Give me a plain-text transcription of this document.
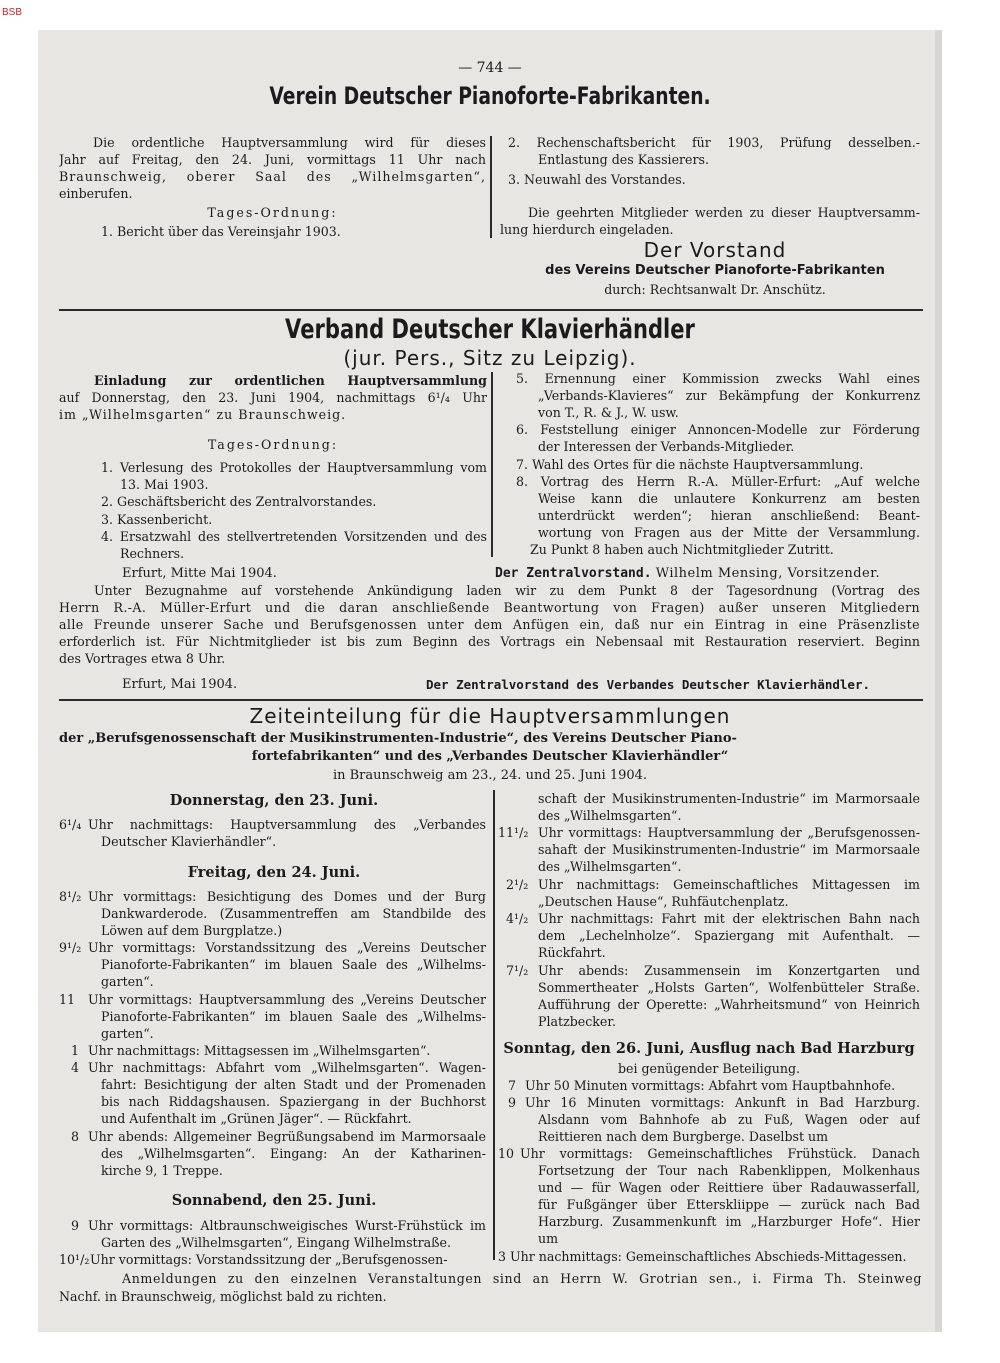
BSB
— 744 —
Verein Deutscher Pianoforte-Fabrikanten.
Die ordentliche Hauptversammlung wird für dieses
Jahr auf Freitag, den 24. Juni, vormittags 11 Uhr nach
Braunschweig, oberer Saal des „Wilhelmsgarten“,
einberufen.
Tages-Ordnung:
1. Bericht über das Vereinsjahr 1903.
2. Rechenschaftsbericht für 1903, Prüfung desselben.-
Entlastung des Kassierers.
3. Neuwahl des Vorstandes.
Die geehrten Mitglieder werden zu dieser Hauptversamm-
lung hierdurch eingeladen.
Der Vorstand
des Vereins Deutscher Pianoforte-Fabrikanten
durch: Rechtsanwalt Dr. Anschütz.
Verband Deutscher Klavierhändler
(jur. Pers., Sitz zu Leipzig).
Einladung zur ordentlichen Hauptversammlung
auf Donnerstag, den 23. Juni 1904, nachmittags 6¹/₄ Uhr
im „Wilhelmsgarten“ zu Braunschweig.
Tages-Ordnung:
1. Verlesung des Protokolles der Hauptversammlung vom
13. Mai 1903.
2. Geschäftsbericht des Zentralvorstandes.
3. Kassenbericht.
4. Ersatzwahl des stellvertretenden Vorsitzenden und des
Rechners.
5. Ernennung einer Kommission zwecks Wahl eines
„Verbands-Klavieres“ zur Bekämpfung der Konkurrenz
von T., R. & J., W. usw.
6. Feststellung einiger Annoncen-Modelle zur Förderung
der Interessen der Verbands-Mitglieder.
7. Wahl des Ortes für die nächste Hauptversammlung.
8. Vortrag des Herrn R.-A. Müller-Erfurt: „Auf welche
Weise kann die unlautere Konkurrenz am besten
unterdrückt werden“; hieran anschließend: Beant-
wortung von Fragen aus der Mitte der Versammlung.
Zu Punkt 8 haben auch Nichtmitglieder Zutritt.
Erfurt, Mitte Mai 1904.	Der Zentralvorstand. Wilhelm Mensing, Vorsitzender.
Unter Bezugnahme auf vorstehende Ankündigung laden wir zu dem Punkt 8 der Tagesordnung (Vortrag des
Herrn R.-A. Müller-Erfurt und die daran anschließende Beantwortung von Fragen) außer unseren Mitgliedern
alle Freunde unserer Sache und Berufsgenossen unter dem Anfügen ein, daß nur ein Eintrag in eine Präsenzliste
erforderlich ist. Für Nichtmitglieder ist bis zum Beginn des Vortrags ein Nebensaal mit Restauration reserviert. Beginn
des Vortrages etwa 8 Uhr.
Erfurt, Mai 1904.	Der Zentralvorstand des Verbandes Deutscher Klavierhändler.
Zeiteinteilung für die Hauptversammlungen
der „Berufsgenossenschaft der Musikinstrumenten-Industrie“, des Vereins Deutscher Piano-
fortefabrikanten“ und des „Verbandes Deutscher Klavierhändler“
in Braunschweig am 23., 24. und 25. Juni 1904.
Donnerstag, den 23. Juni.
6¹/₄ Uhr nachmittags: Hauptversammlung des „Verbandes
Deutscher Klavierhändler“.
Freitag, den 24. Juni.
8¹/₂ Uhr vormittags: Besichtigung des Domes und der Burg
Dankwarderode. (Zusammentreffen am Standbilde des
Löwen auf dem Burgplatze.)
9¹/₂ Uhr vormittags: Vorstandssitzung des „Vereins Deutscher
Pianoforte-Fabrikanten“ im blauen Saale des „Wilhelms-
garten“.
11 Uhr vormittags: Hauptversammlung des „Vereins Deutscher
Pianoforte-Fabrikanten“ im blauen Saale des „Wilhelms-
garten“.
1 Uhr nachmittags: Mittagsessen im „Wilhelmsgarten“.
4 Uhr nachmittags: Abfahrt vom „Wilhelmsgarten“. Wagen-
fahrt: Besichtigung der alten Stadt und der Promenaden
bis nach Riddagshausen. Spaziergang in der Buchhorst
und Aufenthalt im „Grünen Jäger“. — Rückfahrt.
8 Uhr abends: Allgemeiner Begrüßungsabend im Marmorsaale
des „Wilhelmsgarten“. Eingang: An der Katharinen-
kirche 9, 1 Treppe.
Sonnabend, den 25. Juni.
9 Uhr vormittags: Altbraunschweigisches Wurst-Frühstück im
Garten des „Wilhelmsgarten“, Eingang Wilhelmstraße.
10¹/₂ Uhr vormittags: Vorstandssitzung der „Berufsgenossen-
schaft der Musikinstrumenten-Industrie“ im Marmorsaale
des „Wilhelmsgarten“.
11¹/₂ Uhr vormittags: Hauptversammlung der „Berufsgenossen-
sahaft der Musikinstrumenten-Industrie“ im Marmorsaale
des „Wilhelmsgarten“.
2¹/₂ Uhr nachmittags: Gemeinschaftliches Mittagessen im
„Deutschen Hause“, Ruhfäutchenplatz.
4¹/₂ Uhr nachmittags: Fahrt mit der elektrischen Bahn nach
dem „Lechelnholze“. Spaziergang mit Aufenthalt. —
Rückfahrt.
7¹/₂ Uhr abends: Zusammensein im Konzertgarten und
Sommertheater „Holsts Garten“, Wolfenbütteler Straße.
Aufführung der Operette: „Wahrheitsmund“ von Heinrich
Platzbecker.
Sonntag, den 26. Juni, Ausflug nach Bad Harzburg
bei genügender Beteiligung.
7 Uhr 50 Minuten vormittags: Abfahrt vom Hauptbahnhofe.
9 Uhr 16 Minuten vormittags: Ankunft in Bad Harzburg.
Alsdann vom Bahnhofe ab zu Fuß, Wagen oder auf
Reittieren nach dem Burgberge. Daselbst um
10 Uhr vormittags: Gemeinschaftliches Frühstück. Danach
Fortsetzung der Tour nach Rabenklippen, Molkenhaus
und — für Wagen oder Reittiere über Radauwasserfall,
für Fußgänger über Etterskliippe — zurück nach Bad
Harzburg. Zusammenkunft im „Harzburger Hofe“. Hier
um
3 Uhr nachmittags: Gemeinschaftliches Abschieds-Mittagessen.
Anmeldungen zu den einzelnen Veranstaltungen sind an Herrn W. Grotrian sen., i. Firma Th. Steinweg
Nachf. in Braunschweig, möglichst bald zu richten.
